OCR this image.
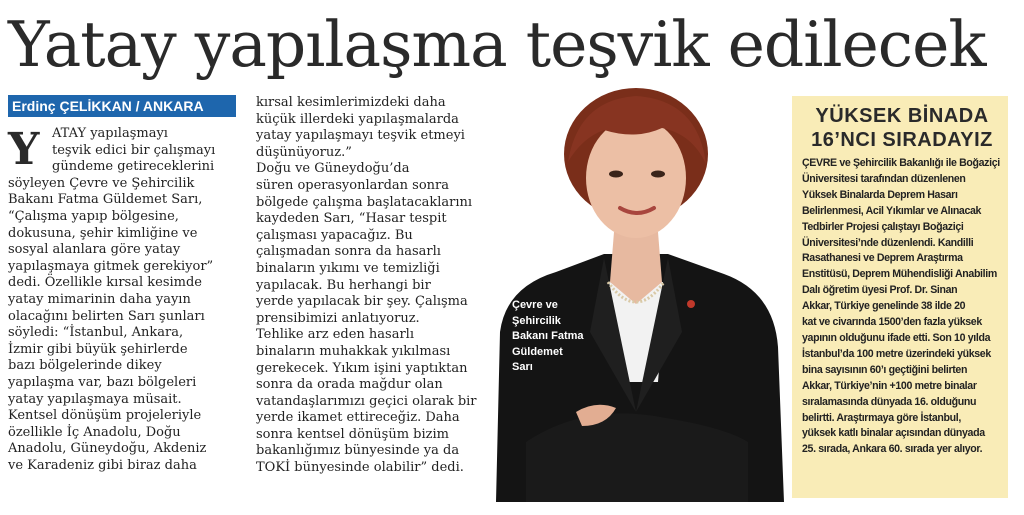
Yatay yapılaşma teşvik edilecek
Erdinç ÇELİKKAN / ANKARA
Y ATAY yapılaşmayı

teşvik edici bir çalışmayı

gündeme getireceklerini

söyleyen Çevre ve Şehircilik

Bakanı Fatma Güldemet Sarı,

“Çalışma yapıp bölgesine,

dokusuna, şehir kimliğine ve

sosyal alanlara göre yatay

yapılaşmaya gitmek gerekiyor”

dedi. Özellikle kırsal kesimde

yatay mimarinin daha yayın

olacağını belirten Sarı şunları

söyledi: “İstanbul, Ankara,

İzmir gibi büyük şehirlerde

bazı bölgelerinde dikey

yapılaşma var, bazı bölgeleri

yatay yapılaşmaya müsait.

Kentsel dönüşüm projeleriyle

özellikle İç Anadolu, Doğu

Anadolu, Güneydoğu, Akdeniz

ve Karadeniz gibi biraz daha

kırsal kesimlerimizdeki daha

küçük illerdeki yapılaşmalarda

yatay yapılaşmayı teşvik etmeyi

düşünüyoruz.”

Doğu ve Güneydoğu’da

süren operasyonlardan sonra

bölgede çalışma başlatacaklarını

kaydeden Sarı, “Hasar tespit

çalışması yapacağız. Bu

çalışmadan sonra da hasarlı

binaların yıkımı ve temizliği

yapılacak. Bu herhangi bir

yerde yapılacak bir şey. Çalışma

prensibimizi anlatıyoruz.

Tehlike arz eden hasarlı

binaların muhakkak yıkılması

gerekecek. Yıkım işini yaptıktan

sonra da orada mağdur olan

vatandaşlarımızı geçici olarak bir

yerde ikamet ettireceğiz. Daha

sonra kentsel dönüşüm bizim

bakanlığımız bünyesinde ya da

TOKİ bünyesinde olabilir” dedi.

Çevre ve

Şehircilik

Bakanı Fatma

Güldemet

Sarı

YÜKSEK BİNADA

16’NCI SIRADAYIZ

ÇEVRE ve Şehircilik Bakanlığı ile Boğaziçi

Üniversitesi tarafından düzenlenen

Yüksek Binalarda Deprem Hasarı

Belirlenmesi, Acil Yıkımlar ve Alınacak

Tedbirler Projesi çalıştayı Boğaziçi

Üniversitesi’nde düzenlendi. Kandilli

Rasathanesi ve Deprem Araştırma

Enstitüsü, Deprem Mühendisliği Anabilim

Dalı öğretim üyesi Prof. Dr. Sinan

Akkar, Türkiye genelinde 38 ilde 20

kat ve civarında 1500’den fazla yüksek

yapının olduğunu ifade etti. Son 10 yılda

İstanbul’da 100 metre üzerindeki yüksek

bina sayısının 60’ı geçtiğini belirten

Akkar, Türkiye’nin +100 metre binalar

sıralamasında dünyada 16. olduğunu

belirtti. Araştırmaya göre İstanbul,

yüksek katlı binalar açısından dünyada

25. sırada, Ankara 60. sırada yer alıyor.
